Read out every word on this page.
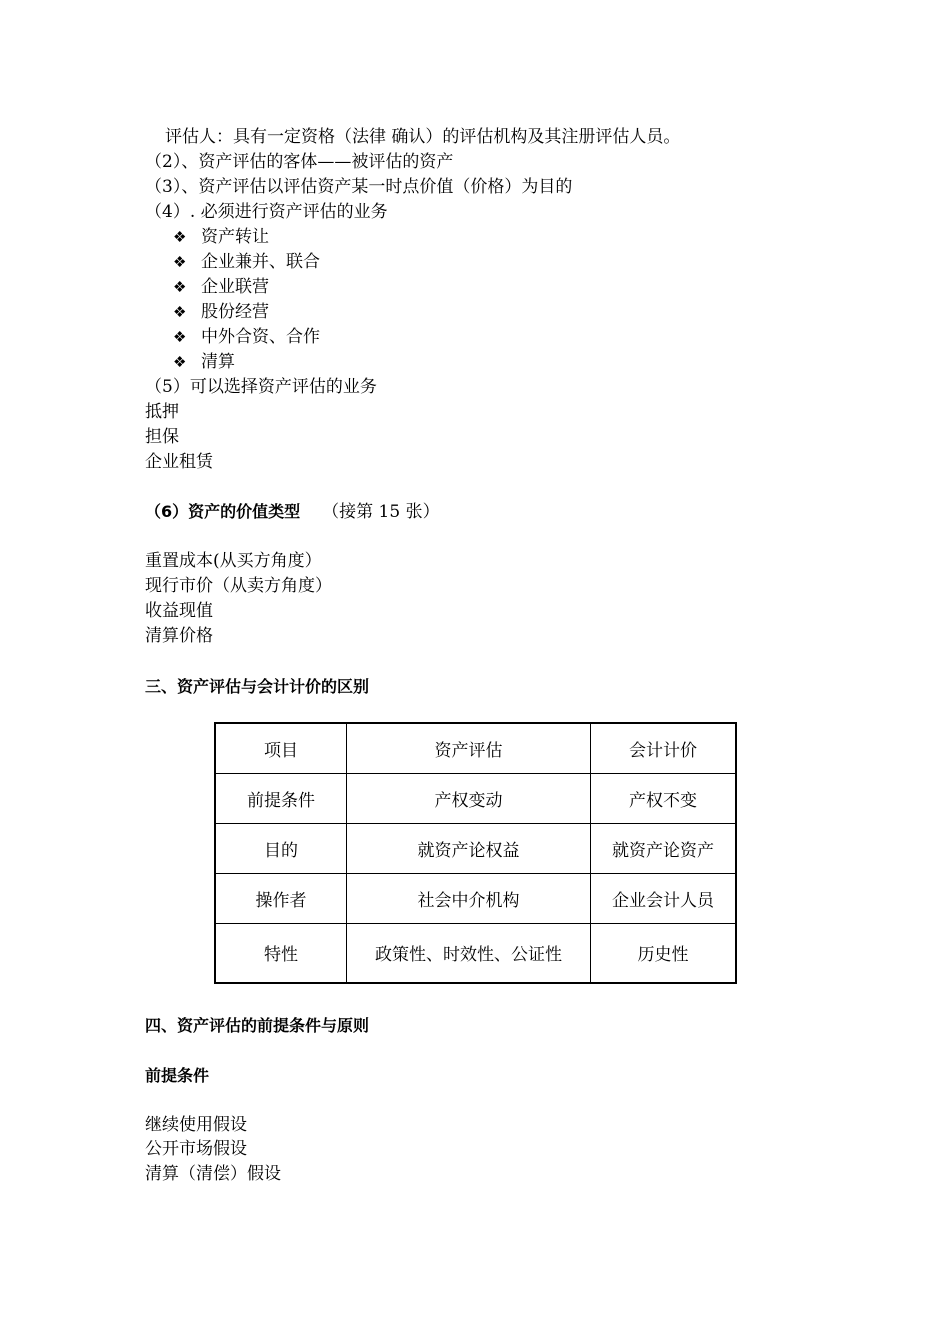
评估人：具有一定资格（法律 确认）的评估机构及其注册评估人员。
（2）、资产评估的客体——被评估的资产
（3）、资产评估以评估资产某一时点价值（价格）为目的
（4）. 必须进行资产评估的业务
❖ 资产转让
❖ 企业兼并、联合
❖ 企业联营
❖ 股份经营
❖ 中外合资、合作
❖ 清算
（5）可以选择资产评估的业务
抵押
担保
企业租赁
（6）资产的价值类型 （接第 15 张）
重置成本(从买方角度）
现行市价（从卖方角度）
收益现值
清算价格
三、资产评估与会计计价的区别
项目	资产评估	会计计价
前提条件	产权变动	产权不变
目的	就资产论权益	就资产论资产
操作者	社会中介机构	企业会计人员
特性	政策性、时效性、公证性	历史性
四、资产评估的前提条件与原则
前提条件
继续使用假设
公开市场假设
清算（清偿）假设
